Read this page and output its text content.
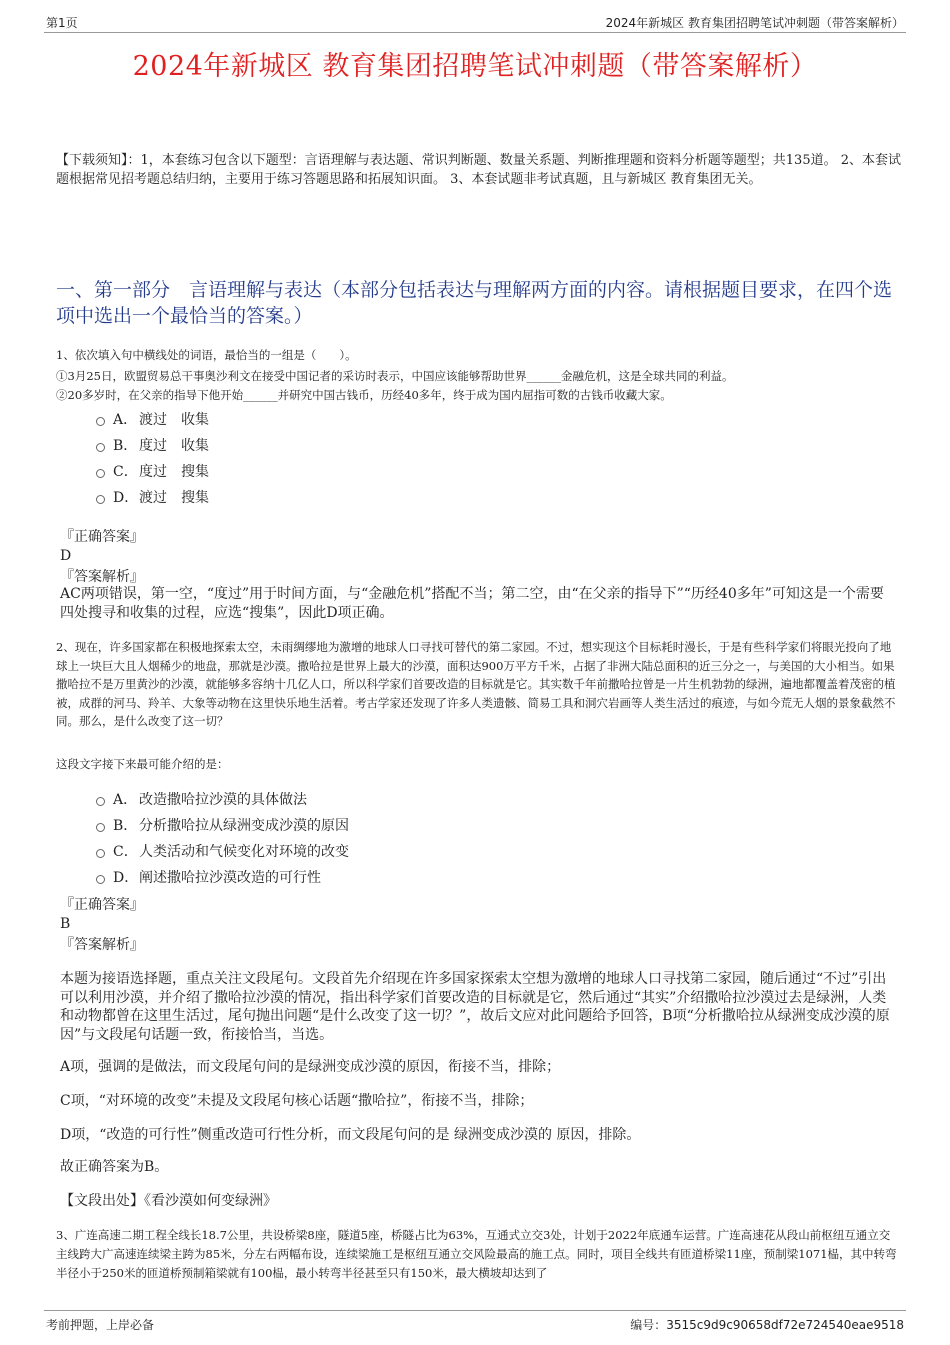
第1页	2024年新城区 教育集团招聘笔试冲刺题（带答案解析）
2024年新城区 教育集团招聘笔试冲刺题（带答案解析）
【下载须知】：1，本套练习包含以下题型：言语理解与表达题、常识判断题、数量关系题、判断推理题和资料分析题等题型；共135道。 2、本套试题根据常见招考题总结归纳，主要用于练习答题思路和拓展知识面。 3、本套试题非考试真题，且与新城区 教育集团无关。
一、第一部分　言语理解与表达（本部分包括表达与理解两方面的内容。请根据题目要求，在四个选项中选出一个最恰当的答案。）
1、依次填入句中横线处的词语，最恰当的一组是（　　）。
①3月25日，欧盟贸易总干事奥沙利文在接受中国记者的采访时表示，中国应该能够帮助世界______金融危机，这是全球共同的利益。
②20多岁时，在父亲的指导下他开始______并研究中国古钱币，历经40多年，终于成为国内屈指可数的古钱币收藏大家。
A． 渡过　收集
B． 度过　收集
C． 度过　搜集
D． 渡过　搜集
『正确答案』
D
『答案解析』
AC两项错误，第一空，“度过”用于时间方面，与“金融危机”搭配不当；第二空，由“在父亲的指导下”“历经40多年”可知这是一个需要四处搜寻和收集的过程，应选“搜集”，因此D项正确。
2、现在，许多国家都在积极地探索太空，未雨绸缪地为激增的地球人口寻找可替代的第二家园。不过，想实现这个目标耗时漫长，于是有些科学家们将眼光投向了地球上一块巨大且人烟稀少的地盘，那就是沙漠。撒哈拉是世界上最大的沙漠，面积达900万平方千米，占据了非洲大陆总面积的近三分之一，与美国的大小相当。如果撒哈拉不是万里黄沙的沙漠，就能够多容纳十几亿人口，所以科学家们首要改造的目标就是它。其实数千年前撒哈拉曾是一片生机勃勃的绿洲，遍地都覆盖着茂密的植被，成群的河马、羚羊、大象等动物在这里快乐地生活着。考古学家还发现了许多人类遗骸、简易工具和洞穴岩画等人类生活过的痕迹，与如今荒无人烟的景象截然不同。那么，是什么改变了这一切？
这段文字接下来最可能介绍的是：
A． 改造撒哈拉沙漠的具体做法
B． 分析撒哈拉从绿洲变成沙漠的原因
C． 人类活动和气候变化对环境的改变
D． 阐述撒哈拉沙漠改造的可行性
『正确答案』
B
『答案解析』
本题为接语选择题，重点关注文段尾句。文段首先介绍现在许多国家探索太空想为激增的地球人口寻找第二家园，随后通过“不过”引出可以利用沙漠，并介绍了撒哈拉沙漠的情况，指出科学家们首要改造的目标就是它，然后通过“其实”介绍撒哈拉沙漠过去是绿洲，人类和动物都曾在这里生活过，尾句抛出问题“是什么改变了这一切？”，故后文应对此问题给予回答，B项“分析撒哈拉从绿洲变成沙漠的原因”与文段尾句话题一致，衔接恰当，当选。
A项，强调的是做法，而文段尾句问的是绿洲变成沙漠的原因，衔接不当，排除；
C项，“对环境的改变”未提及文段尾句核心话题“撒哈拉”，衔接不当，排除；
D项，“改造的可行性”侧重改造可行性分析，而文段尾句问的是 绿洲变成沙漠的 原因，排除。
故正确答案为B。
【文段出处】《看沙漠如何变绿洲》
3、广连高速二期工程全线长18.7公里，共设桥梁8座，隧道5座，桥隧占比为63%，互通式立交3处，计划于2022年底通车运营。广连高速花从段山前枢纽互通立交主线跨大广高速连续梁主跨为85米，分左右两幅布设，连续梁施工是枢纽互通立交风险最高的施工点。同时，项目全线共有匝道桥梁11座，预制梁1071榀，其中转弯半径小于250米的匝道桥预制箱梁就有100榀，最小转弯半径甚至只有150米，最大横坡却达到了
考前押题，上岸必备	编号：3515c9d9c90658df72e724540eae9518
